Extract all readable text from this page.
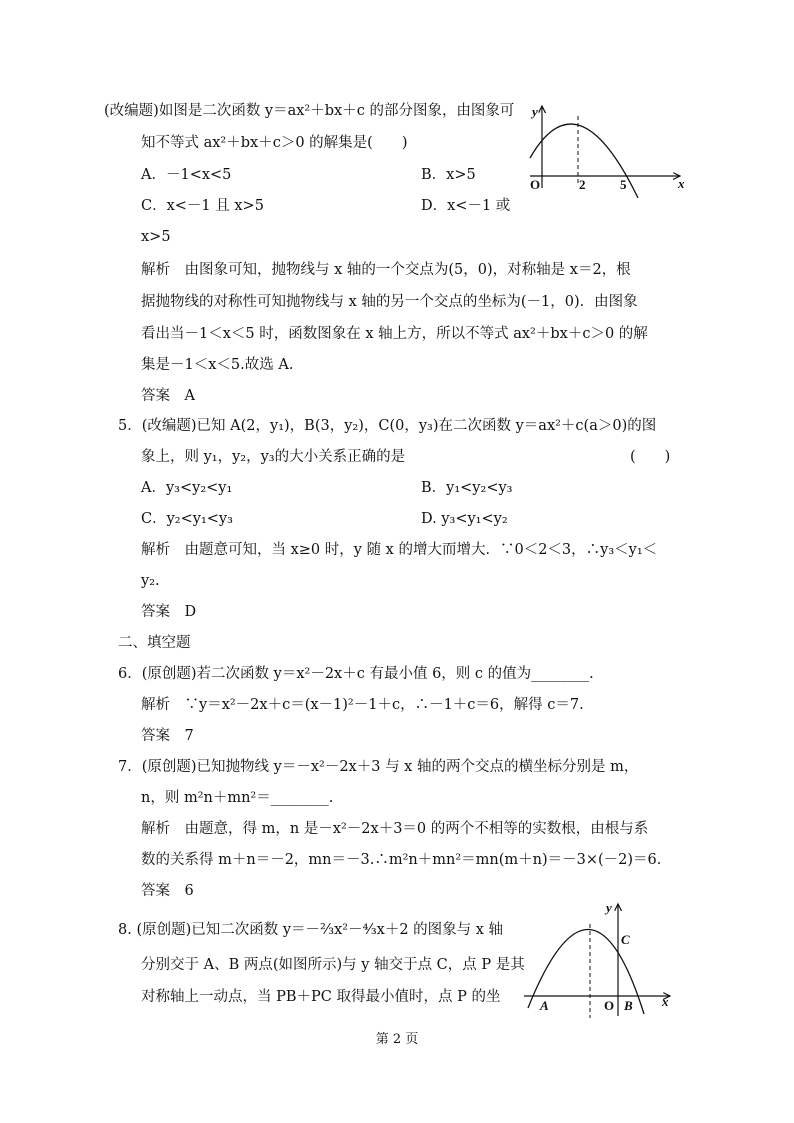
(改编题)如图是二次函数 y＝ax²＋bx＋c 的部分图象，由图象可
知不等式 ax²＋bx＋c＞0 的解集是(　　)
A．－1<x<5	B．x>5
C．x<－1 且 x>5	D．x<－1 或
x>5
解析　由图象可知，抛物线与 x 轴的一个交点为(5，0)，对称轴是 x＝2，根
据抛物线的对称性可知抛物线与 x 轴的另一个交点的坐标为(－1，0)．由图象
看出当－1＜x＜5 时，函数图象在 x 轴上方，所以不等式 ax²＋bx＋c＞0 的解
集是－1＜x＜5.故选 A.
答案　A
y
x
O	2	5
5．(改编题)已知 A(2，y₁)，B(3，y₂)，C(0，y₃)在二次函数 y＝ax²＋c(a＞0)的图
象上，则 y₁，y₂，y₃的大小关系正确的是	(　　)
A．y₃<y₂<y₁	B．y₁<y₂<y₃
C．y₂<y₁<y₃	D. y₃<y₁<y₂
解析　由题意可知，当 x≥0 时，y 随 x 的增大而增大．∵0＜2＜3，∴y₃＜y₁＜
y₂.
答案　D
二、填空题
6．(原创题)若二次函数 y＝x²－2x＋c 有最小值 6，则 c 的值为________.
解析　∵y＝x²－2x＋c＝(x－1)²－1＋c，∴－1＋c＝6，解得 c＝7.
答案　7
7．(原创题)已知抛物线 y＝－x²－2x＋3 与 x 轴的两个交点的横坐标分别是 m，
n，则 m²n＋mn²＝________.
解析　由题意，得 m，n 是－x²－2x＋3＝0 的两个不相等的实数根，由根与系
数的关系得 m＋n＝－2，mn＝－3.∴m²n＋mn²＝mn(m＋n)＝－3×(－2)＝6.
答案　6
8. (原创题)已知二次函数 y＝－⅔x²－⁴⁄₃x＋2 的图象与 x 轴
分别交于 A、B 两点(如图所示)与 y 轴交于点 C，点 P 是其
对称轴上一动点，当 PB＋PC 取得最小值时，点 P 的坐
y
x
O
A	B
C
第 2 页
